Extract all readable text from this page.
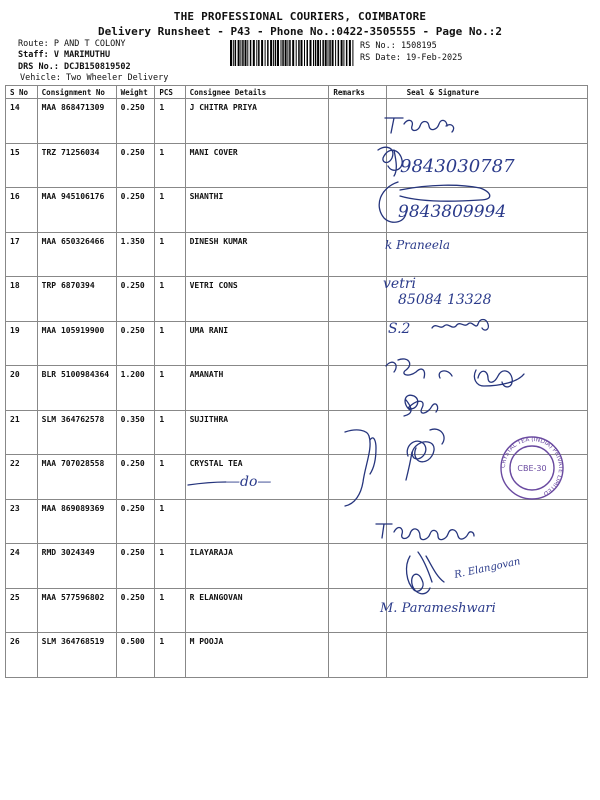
THE PROFESSIONAL COURIERS, COIMBATORE
Delivery Runsheet - P43 - Phone No.:0422-3505555 - Page No.:2
Route: P AND T COLONY
Staff: V MARIMUTHU
DRS No.: DCJB150819502
Vehicle: Two Wheeler Delivery
RS No.: 1508195
RS Date: 19-Feb-2025
S No	Consignment No	Weight	PCS	Consignee Details	Remarks	Seal & Signature
14	MAA 868471309	0.250	1	J CHITRA PRIYA		
15	TRZ 71256034	0.250	1	MANI COVER		
16	MAA 945106176	0.250	1	SHANTHI		
17	MAA 650326466	1.350	1	DINESH KUMAR		
18	TRP 6870394	0.250	1	VETRI CONS		
19	MAA 105919900	0.250	1	UMA RANI		
20	BLR 5100984364	1.200	1	AMANATH		
21	SLM 364762578	0.350	1	SUJITHRA		
22	MAA 707028558	0.250	1	CRYSTAL TEA		
23	MAA 869089369	0.250	1			
24	RMD 3024349	0.250	1	ILAYARAJA		
25	MAA 577596802	0.250	1	R ELANGOVAN		
26	SLM 364768519	0.500	1	M POOJA		
9843030787
9843809994
k Praneela
vetri
85084 13328
S.2
—do—
R. Elangovan
M. Parameshwari
CRYSTAL TEA (INDIA) PRIVATE LIMITED
CBE-30
